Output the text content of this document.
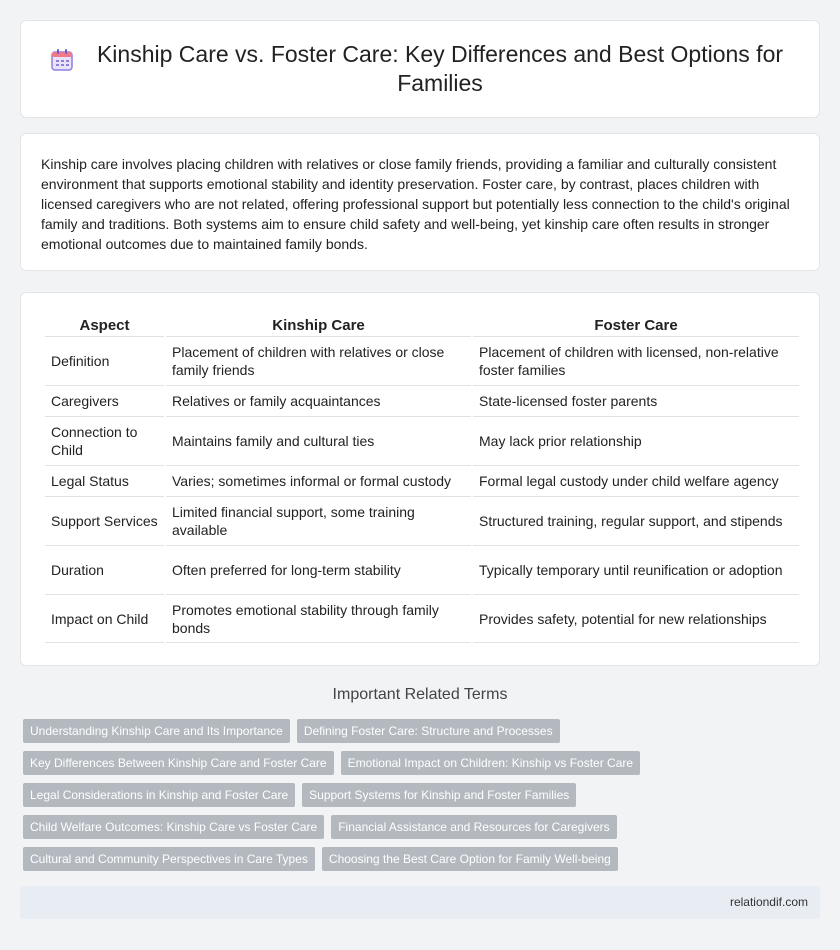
Kinship Care vs. Foster Care: Key Differences and Best Options for Families

Kinship care involves placing children with relatives or close family friends, providing a familiar and culturally consistent environment that supports emotional stability and identity preservation. Foster care, by contrast, places children with licensed caregivers who are not related, offering professional support but potentially less connection to the child's original family and traditions. Both systems aim to ensure child safety and well-being, yet kinship care often results in stronger emotional outcomes due to maintained family bonds.

Aspect	Kinship Care	Foster Care
Definition	Placement of children with relatives or close family friends	Placement of children with licensed, non-relative foster families
Caregivers	Relatives or family acquaintances	State-licensed foster parents
Connection to Child	Maintains family and cultural ties	May lack prior relationship
Legal Status	Varies; sometimes informal or formal custody	Formal legal custody under child welfare agency
Support Services	Limited financial support, some training available	Structured training, regular support, and stipends
Duration	Often preferred for long-term stability	Typically temporary until reunification or adoption
Impact on Child	Promotes emotional stability through family bonds	Provides safety, potential for new relationships
Important Related Terms
Understanding Kinship Care and Its Importance	Defining Foster Care: Structure and Processes
Key Differences Between Kinship Care and Foster Care	Emotional Impact on Children: Kinship vs Foster Care
Legal Considerations in Kinship and Foster Care	Support Systems for Kinship and Foster Families
Child Welfare Outcomes: Kinship Care vs Foster Care	Financial Assistance and Resources for Caregivers
Cultural and Community Perspectives in Care Types	Choosing the Best Care Option for Family Well-being
relationdif.com
